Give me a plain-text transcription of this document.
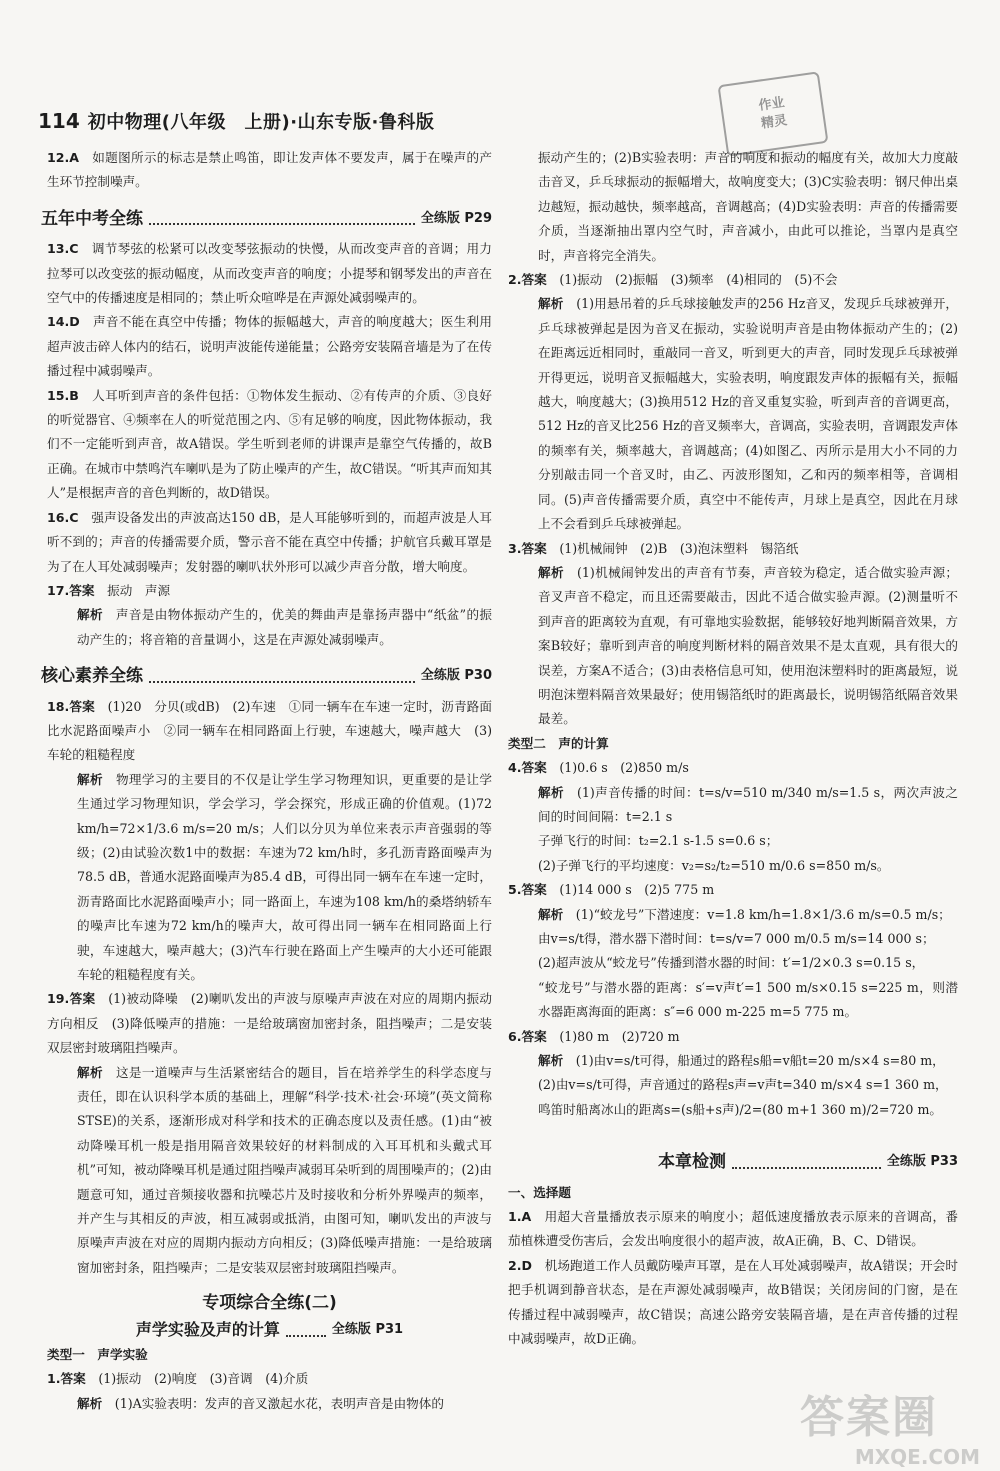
114 初中物理(八年级　上册)·山东专版·鲁科版
作业
精灵

12.A　 如题图所示的标志是禁止鸣笛，即让发声体不要发声，属于在噪声的产生环节控制噪声。

五年中考全练	全练版 P29

13.C　 调节琴弦的松紧可以改变琴弦振动的快慢，从而改变声音的音调；用力拉琴可以改变弦的振动幅度，从而改变声音的响度；小提琴和钢琴发出的声音在空气中的传播速度是相同的；禁止听众喧哗是在声源处减弱噪声的。

14.D　 声音不能在真空中传播；物体的振幅越大，声音的响度越大；医生利用超声波击碎人体内的结石，说明声波能传递能量；公路旁安装隔音墙是为了在传播过程中减弱噪声。

15.B　 人耳听到声音的条件包括：①物体发生振动、②有传声的介质、③良好的听觉器官、④频率在人的听觉范围之内、⑤有足够的响度，因此物体振动，我们不一定能听到声音，故A错误。学生听到老师的讲课声是靠空气传播的，故B正确。在城市中禁鸣汽车喇叭是为了防止噪声的产生，故C错误。“听其声而知其人”是根据声音的音色判断的，故D错误。

16.C　 强声设备发出的声波高达150 dB，是人耳能够听到的，而超声波是人耳听不到的；声音的传播需要介质，警示音不能在真空中传播；护航官兵戴耳罩是为了在人耳处减弱噪声；发射器的喇叭状外形可以减少声音分散，增大响度。

17.答案　 振动　声源

解析　 声音是由物体振动产生的，优美的舞曲声是靠扬声器中“纸盆”的振动产生的；将音箱的音量调小，这是在声源处减弱噪声。

核心素养全练	全练版 P30

18.答案　 (1)20　分贝(或dB)　(2)车速　①同一辆车在车速一定时，沥青路面比水泥路面噪声小　②同一辆车在相同路面上行驶，车速越大，噪声越大　(3)车轮的粗糙程度

解析　 物理学习的主要目的不仅是让学生学习物理知识，更重要的是让学生通过学习物理知识，学会学习，学会探究，形成正确的价值观。(1)72 km/h=72×1/3.6 m/s=20 m/s；人们以分贝为单位来表示声音强弱的等级；(2)由试验次数1中的数据：车速为72 km/h时，多孔沥青路面噪声为78.5 dB，普通水泥路面噪声为85.4 dB，可得出同一辆车在车速一定时，沥青路面比水泥路面噪声小；同一路面上，车速为108 km/h的桑塔纳轿车的噪声比车速为72 km/h的噪声大，故可得出同一辆车在相同路面上行驶，车速越大，噪声越大；(3)汽车行驶在路面上产生噪声的大小还可能跟车轮的粗糙程度有关。

19.答案　 (1)被动降噪　(2)喇叭发出的声波与原噪声声波在对应的周期内振动方向相反　(3)降低噪声的措施：一是给玻璃窗加密封条，阻挡噪声；二是安装双层密封玻璃阻挡噪声。

解析　 这是一道噪声与生活紧密结合的题目，旨在培养学生的科学态度与责任，即在认识科学本质的基础上，理解“科学·技术·社会·环境”(英文简称STSE)的关系，逐渐形成对科学和技术的正确态度以及责任感。(1)由“被动降噪耳机一般是指用隔音效果较好的材料制成的入耳耳机和头戴式耳机”可知，被动降噪耳机是通过阻挡噪声减弱耳朵听到的周围噪声的；(2)由题意可知，通过音频接收器和抗噪芯片及时接收和分析外界噪声的频率，并产生与其相反的声波，相互减弱或抵消，由图可知，喇叭发出的声波与原噪声声波在对应的周期内振动方向相反；(3)降低噪声措施：一是给玻璃窗加密封条，阻挡噪声；二是安装双层密封玻璃阻挡噪声。

专项综合全练(二)
声学实验及声的计算	全练版 P31
类型一　声学实验

1.答案　 (1)振动　(2)响度　(3)音调　(4)介质

解析　 (1)A实验表明：发声的音叉激起水花，表明声音是由物体的

振动产生的；(2)B实验表明：声音的响度和振动的幅度有关，故加大力度敲击音叉，乒乓球振动的振幅增大，故响度变大；(3)C实验表明：钢尺伸出桌边越短，振动越快，频率越高，音调越高；(4)D实验表明：声音的传播需要介质，当逐渐抽出罩内空气时，声音减小，由此可以推论，当罩内是真空时，声音将完全消失。

2.答案　 (1)振动　(2)振幅　(3)频率　(4)相同的　(5)不会

解析　 (1)用悬吊着的乒乓球接触发声的256 Hz音叉，发现乒乓球被弹开，乒乓球被弹起是因为音叉在振动，实验说明声音是由物体振动产生的；(2)在距离远近相同时，重敲同一音叉，听到更大的声音，同时发现乒乓球被弹开得更远，说明音叉振幅越大，实验表明，响度跟发声体的振幅有关，振幅越大，响度越大；(3)换用512 Hz的音叉重复实验，听到声音的音调更高，512 Hz的音叉比256 Hz的音叉频率大，音调高，实验表明，音调跟发声体的频率有关，频率越大，音调越高；(4)如图乙、丙所示是用大小不同的力分别敲击同一个音叉时，由乙、丙波形图知，乙和丙的频率相等，音调相同。(5)声音传播需要介质，真空中不能传声，月球上是真空，因此在月球上不会看到乒乓球被弹起。

3.答案　 (1)机械闹钟　(2)B　(3)泡沫塑料　锡箔纸

解析　 (1)机械闹钟发出的声音有节奏，声音较为稳定，适合做实验声源；音叉声音不稳定，而且还需要敲击，因此不适合做实验声源。(2)测量听不到声音的距离较为直观，有可靠地实验数据，能够较好地判断隔音效果，方案B较好；靠听到声音的响度判断材料的隔音效果不是太直观，具有很大的误差，方案A不适合；(3)由表格信息可知，使用泡沫塑料时的距离最短，说明泡沫塑料隔音效果最好；使用锡箔纸时的距离最长，说明锡箔纸隔音效果最差。

类型二　声的计算

4.答案　 (1)0.6 s　(2)850 m/s

解析　 (1)声音传播的时间：t=s/v=510 m/340 m/s=1.5 s，两次声波之间的时间间隔：t=2.1 s

子弹飞行的时间：t₂=2.1 s-1.5 s=0.6 s；

(2)子弹飞行的平均速度：v₂=s₂/t₂=510 m/0.6 s=850 m/s。

5.答案　 (1)14 000 s　(2)5 775 m

解析　 (1)“蛟龙号”下潜速度：v=1.8 km/h=1.8×1/3.6 m/s=0.5 m/s；

由v=s/t得，潜水器下潜时间：t=s/v=7 000 m/0.5 m/s=14 000 s；

(2)超声波从“蛟龙号”传播到潜水器的时间：t′=1/2×0.3 s=0.15 s，

“蛟龙号”与潜水器的距离：s′=v声t′=1 500 m/s×0.15 s=225 m，则潜水器距离海面的距离：s″=6 000 m-225 m=5 775 m。

6.答案　 (1)80 m　(2)720 m

解析　 (1)由v=s/t可得，船通过的路程s船=v船t=20 m/s×4 s=80 m，

(2)由v=s/t可得，声音通过的路程s声=v声t=340 m/s×4 s=1 360 m，

鸣笛时船离冰山的距离s=(s船+s声)/2=(80 m+1 360 m)/2=720 m。

本章检测	全练版 P33
一、选择题

1.A　 用超大音量播放表示原来的响度小；超低速度播放表示原来的音调高，番茄植株遭受伤害后，会发出响度很小的超声波，故A正确，B、C、D错误。

2.D　 机场跑道工作人员戴防噪声耳罩，是在人耳处减弱噪声，故A错误；开会时把手机调到静音状态，是在声源处减弱噪声，故B错误；关闭房间的门窗，是在传播过程中减弱噪声，故C错误；高速公路旁安装隔音墙，是在声音传播的过程中减弱噪声，故D正确。

答案圈
MXQE.COM
